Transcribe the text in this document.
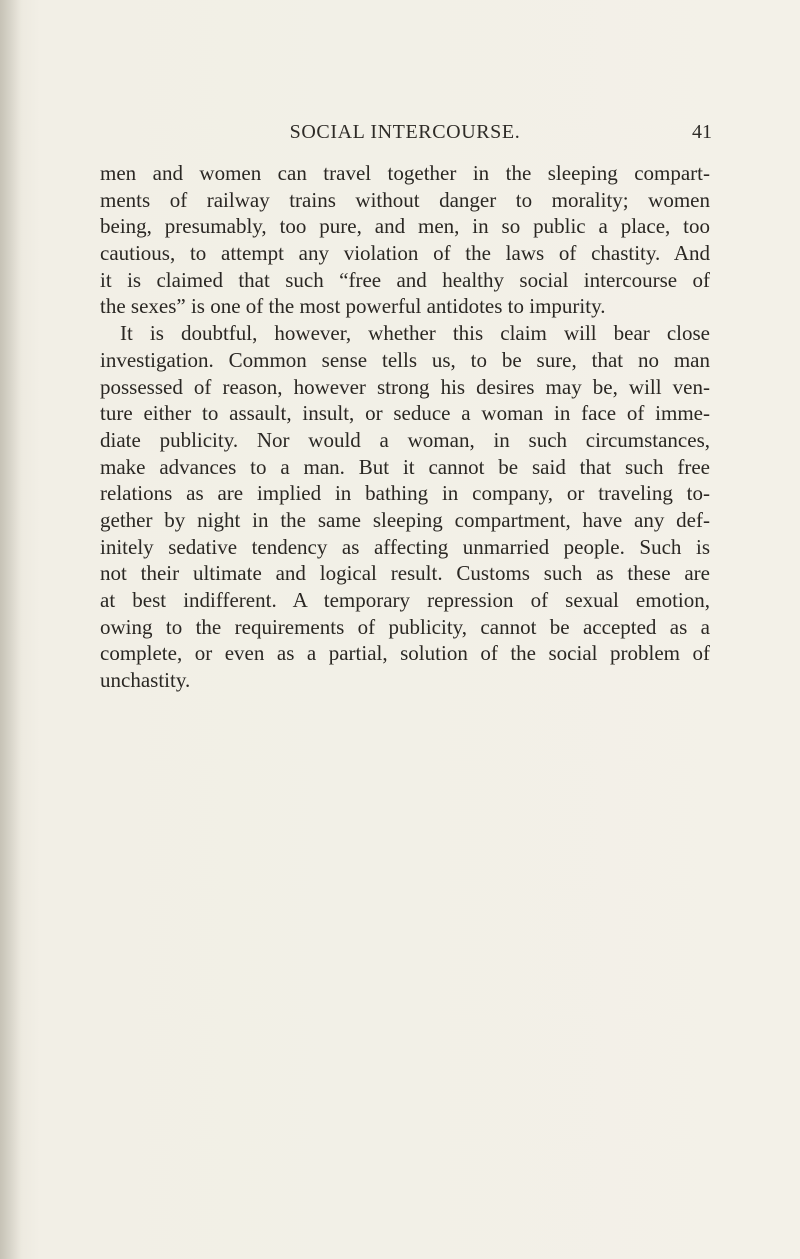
SOCIAL INTERCOURSE.	41
men and women can travel together in the sleeping compart-
ments of railway trains without danger to morality; women
being, presumably, too pure, and men, in so public a place, too
cautious, to attempt any violation of the laws of chastity. And
it is claimed that such “free and healthy social intercourse of
the sexes” is one of the most powerful antidotes to impurity.
It is doubtful, however, whether this claim will bear close
investigation. Common sense tells us, to be sure, that no man
possessed of reason, however strong his desires may be, will ven-
ture either to assault, insult, or seduce a woman in face of imme-
diate publicity. Nor would a woman, in such circumstances,
make advances to a man. But it cannot be said that such free
relations as are implied in bathing in company, or traveling to-
gether by night in the same sleeping compartment, have any def-
initely sedative tendency as affecting unmarried people. Such is
not their ultimate and logical result. Customs such as these are
at best indifferent. A temporary repression of sexual emotion,
owing to the requirements of publicity, cannot be accepted as a
complete, or even as a partial, solution of the social problem of
unchastity.
